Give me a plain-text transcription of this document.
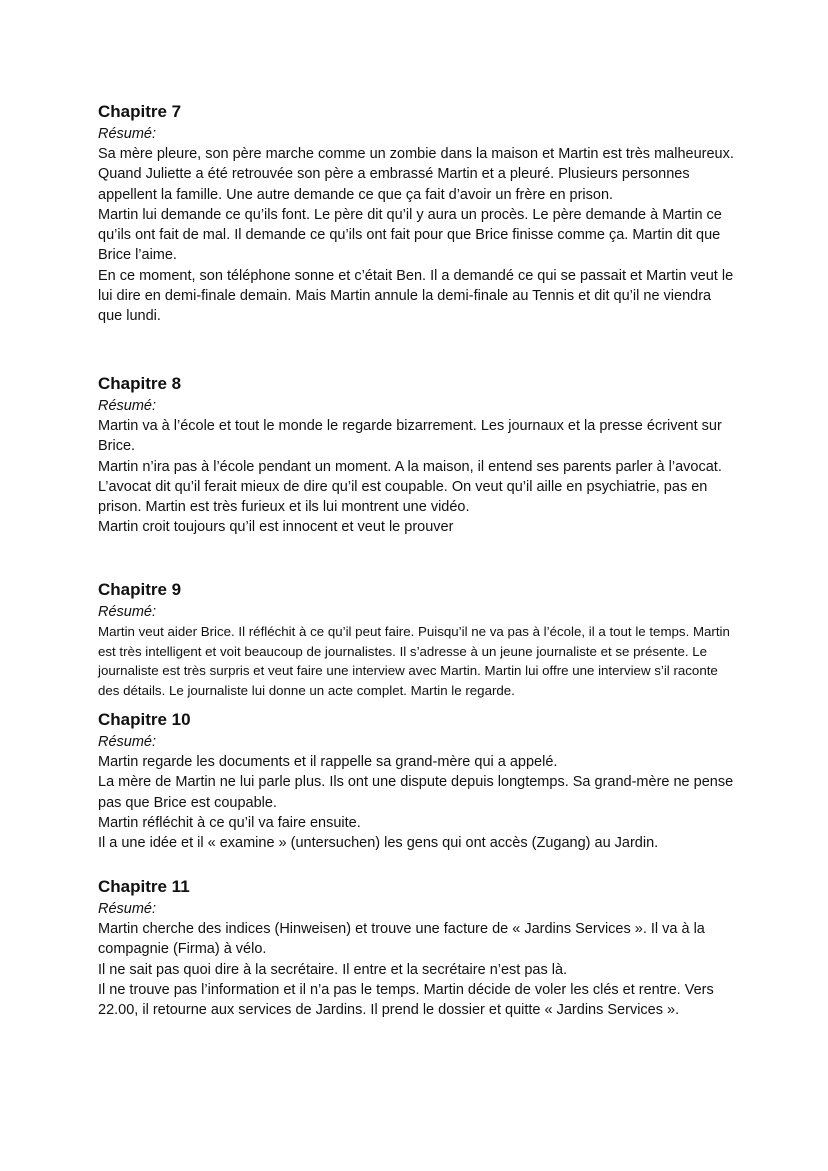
Chapitre 7

Résumé:

Sa mère pleure, son père marche comme un zombie dans la maison et Martin est très malheureux. Quand Juliette a été retrouvée son père a embrassé Martin et a pleuré. Plusieurs personnes appellent la famille. Une autre demande ce que ça fait d’avoir un frère en prison.

Martin lui demande ce qu’ils font. Le père dit qu’il y aura un procès. Le père demande à Martin ce qu’ils ont fait de mal. Il demande ce qu’ils ont fait pour que Brice finisse comme ça. Martin dit que Brice l’aime.

En ce moment, son téléphone sonne et c’était Ben. Il a demandé ce qui se passait et Martin veut le lui dire en demi-finale demain. Mais Martin annule la demi-finale au Tennis et dit qu’il ne viendra que lundi.

Chapitre 8

Résumé:

Martin va à l’école et tout le monde le regarde bizarrement. Les journaux et la presse écrivent sur Brice.

Martin n’ira pas à l’école pendant un moment. A la maison, il entend ses parents parler à l’avocat.

L’avocat dit qu’il ferait mieux de dire qu’il est coupable. On veut qu’il aille en psychiatrie, pas en prison. Martin est très furieux et ils lui montrent une vidéo.

Martin croit toujours qu’il est innocent et veut le prouver

Chapitre 9

Résumé:

Martin veut aider Brice. Il réfléchit à ce qu’il peut faire. Puisqu’il ne va pas à l’école, il a tout le temps. Martin est très intelligent et voit beaucoup de journalistes. Il s’adresse à un jeune journaliste et se présente. Le journaliste est très surpris et veut faire une interview avec Martin. Martin lui offre une interview s’il raconte des détails. Le journaliste lui donne un acte complet. Martin le regarde.

Chapitre 10

Résumé:

Martin regarde les documents et il rappelle sa grand-mère qui a appelé.

La mère de Martin ne lui parle plus. Ils ont une dispute depuis longtemps. Sa grand-mère ne pense pas que Brice est coupable.

Martin réfléchit à ce qu’il va faire ensuite.

Il a une idée et il « examine » (untersuchen) les gens qui ont accès (Zugang) au Jardin.

Chapitre 11

Résumé:

Martin cherche des indices (Hinweisen) et trouve une facture de « Jardins Services ». Il va à la compagnie (Firma) à vélo.

Il ne sait pas quoi dire à la secrétaire. Il entre et la secrétaire n’est pas là.

Il ne trouve pas l’information et il n’a pas le temps. Martin décide de voler les clés et rentre. Vers 22.00, il retourne aux services de Jardins. Il prend le dossier et quitte « Jardins Services ».
